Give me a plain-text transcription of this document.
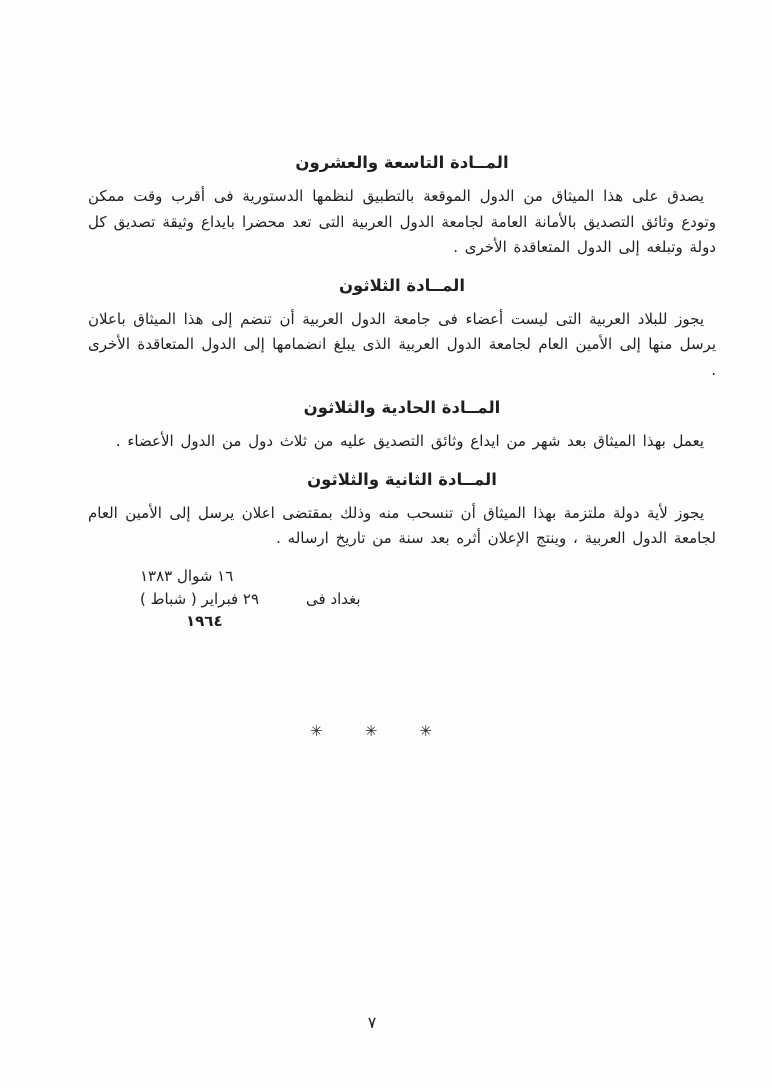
المــادة التاسعة والعشرون

يصدق على هذا الميثاق من الدول الموقعة بالتطبيق لنظمها الدستورية فى أقرب وقت ممكن وتودع وثائق التصديق بالأمانة العامة لجامعة الدول العربية التى تعد محضرا بايداع وثيقة تصديق كل دولة وتبلغه إلى الدول المتعاقدة الأخرى .

المــادة الثلاثون

يجوز للبلاد العربية التى ليست أعضاء فى جامعة الدول العربية أن تنضم إلى هذا الميثاق باعلان يرسل منها إلى الأمين العام لجامعة الدول العربية الذى يبلغ انضمامها إلى الدول المتعاقدة الأخرى .

المــادة الحادية والثلاثون

يعمل بهذا الميثاق بعد شهر من ايداع وثائق التصديق عليه من ثلاث دول من الدول الأعضاء .

المــادة الثانية والثلاثون

يجوز لأية دولة ملتزمة بهذا الميثاق أن تنسحب منه وذلك بمقتضى اعلان يرسل إلى الأمين العام لجامعة الدول العربية ، وينتج الإعلان أثره بعد سنة من تاريخ ارساله .

١٦ شوال ١٣٨٣
بغداد فى
٢٩ فبراير ( شباط )
١٩٦٤
✳
✳
✳
٧
